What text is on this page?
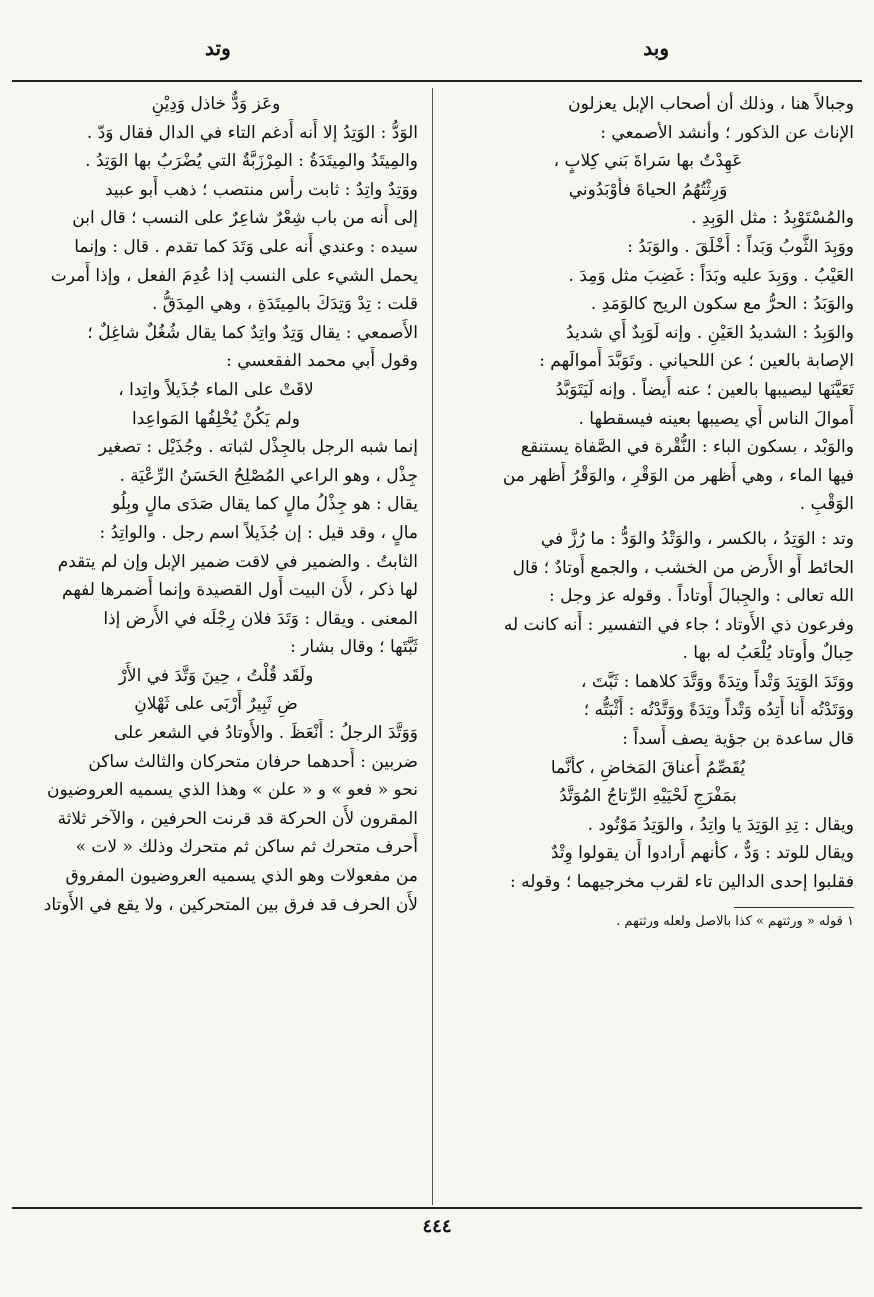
وبد
وتد
وجبالاً هنا ، وذلك أن أصحاب الإبل يعزلون
الإناث عن الذكور ؛ وأنشد الأصمعي :
عَهِدْتُ بها سَراةَ بَني كِلابٍ ،
وَرِثْتُهُمُ الحياةَ فأَوْبَدُوني
والمُسْتَوْبِدُ : مثل الوَبِدِ .
ووَبِدَ الثَّوبُ وَبَداً : أَخْلَقَ . والوَبَدُ :
العَيْبُ . ووَبِدَ عليه وبَدَاً : غَضِبَ مثل وَمِدَ .
والوَبَدُ : الحرُّ مع سكون الريح كالوَمَدِ .
والوَبِدُ : الشديدُ العَيْنِ . وإنه لَوَبِدٌ أَي شديدُ
الإصابة بالعين ؛ عن اللحياني . وتَوَبَّدَ أَموالَهم :
تَعَيَّنَها ليصيبها بالعين ؛ عنه أَيضاً . وإنه لَيَتَوَبَّدُ
أَموالَ الناس أَي يصيبها بعينه فيسقطها .
والوَبْد ، بسكون الباء : النُّقْرة في الصَّفاة يستنقع
فيها الماء ، وهي أَظهر من الوَقْرِ ، والوَقْرُ أَظهر من
الوَقْبِ .
وتد : الوَتِدُ ، بالكسر ، والوَتْدُ والوَدُّ : ما رُزَّ في
الحائط أَو الأَرض من الخشب ، والجمع أَوتادٌ ؛ قال
الله تعالى : والجِبالَ أَوتاداً . وقوله عز وجل :
وفرعون ذي الأَوتاد ؛ جاء في التفسير : أَنه كانت له
حِبالٌ وأَوتاد يُلْعَبُ له بها .
ووَتَدَ الوَتِدَ وَتْداً وتِدَةً ووَتَّدَ كلاهما : ثَبَّتَ ،
ووَتَدْتُه أَنا أَتِدُه وَتْداً وتِدَةً ووَتَّدْتُه : أَثْبَتُّه ؛
قال ساعدة بن جؤية يصف أَسداً :
يُقَصِّمُ أَعناقَ المَخاضِ ، كأَنَّما
بمَفْرَجِ لَحْيَيْهِ الرِّتاجُ المُوَتَّدُ
ويقال : تِدِ الوَتِدَ يا واتِدُ ، والوَتِدُ مَوْتُود .
ويقال للوتد : وَدٌّ ، كأَنهم أَرادوا أَن يقولوا وِتْدٌ
فقلبوا إحدى الدالين تاء لقرب مخرجيهما ؛ وقوله :
١ قوله « ورثتهم » كذا بالاصل ولعله ورثتهم .
وعَز وَدٌّ خاذل وَدِيْنِ
الوَدُّ : الوَتِدُ إلا أَنه أَدغم التاء في الدال فقال وَدّ .
والمِيتَدُ والمِيتَدَةُ : المِرْزَبَّةُ التي يُضْرَبُ بها الوَتِدُ .
ووَتِدٌ واتِدٌ : ثابت رأْس منتصب ؛ ذهب أَبو عبيد
إلى أَنه من باب شِعْرٌ شاعِرٌ على النسب ؛ قال ابن
سيده : وعندي أَنه على وَتَدَ كما تقدم . قال : وإنما
يحمل الشيء على النسب إذا عُدِمَ الفعل ، وإذا أَمرت
قلت : تِدْ وَتِدَكَ بالمِيتَدَةِ ، وهي المِدَقُّ .
الأَصمعي : يقال وَتِدٌ واتِدٌ كما يقال شُغُلٌ شاغِلٌ ؛
وقول أَبي محمد الفقعسي :
لاقَتْ على الماء جُذَيلاً واتِدا ،
ولم يَكُنْ يُخْلِفُها المَواعِدا
إنما شبه الرجل بالجِذْل لثباته . وجُذَيْل : تصغير
جِذْل ، وهو الراعي المُصْلِحُ الحَسَنُ الرِّعْيَة .
يقال : هو جِذْلُ مالٍ كما يقال صَدَى مالٍ وبِلُو
مالٍ ، وقد قيل : إن جُذَيلاً اسم رجل . والواتِدُ :
الثابتُ . والضمير في لاقت ضمير الإبل وإن لم يتقدم
لها ذكر ، لأَن البيت أَول القصيدة وإنما أَضمرها لفهم
المعنى . ويقال : وَتَدَ فلان رِجْلَه في الأَرض إذا
ثَبَّتَها ؛ وقال بشار :
ولَقَد قُلْتُ ، حِينَ وَتَّدَ في الأَرْ
ضِ ثَبِيرٌ أَرْبَى على ثَهْلانِ
وَوَتَّدَ الرجلُ : أَنْعَظَ . والأَوتادُ في الشعر على
ضربين : أَحدهما حرفان متحركان والثالث ساكن
نحو « فعو » و « علن » وهذا الذي يسميه العروضيون
المقرون لأَن الحركة قد قرنت الحرفين ، والآخر ثلاثة
أَحرف متحرك ثم ساكن ثم متحرك وذلك « لات »
من مفعولات وهو الذي يسميه العروضيون المفروق
لأَن الحرف قد فرق بين المتحركين ، ولا يقع في الأَوتاد
٤٤٤
